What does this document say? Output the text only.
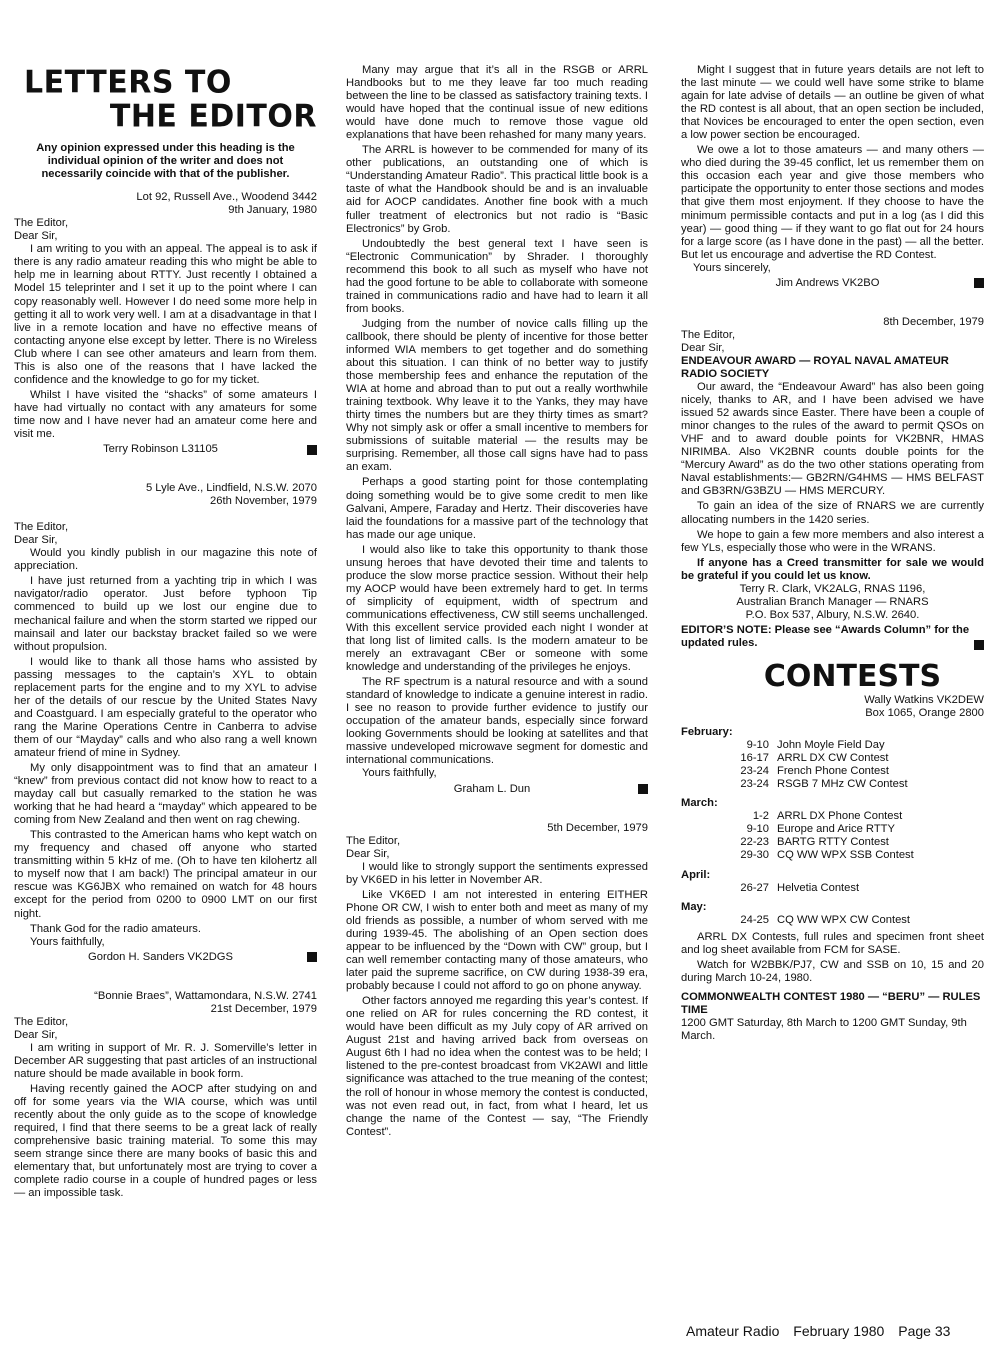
LETTERS TO
THE EDITOR
Any opinion expressed under this heading is the individual opinion of the writer and does not necessarily coincide with that of the publisher.
Lot 92, Russell Ave., Woodend 3442
9th January, 1980
The Editor,
Dear Sir,

I am writing to you with an appeal. The appeal is to ask if there is any radio amateur reading this who might be able to help me in learning about RTTY. Just recently I obtained a Model 15 teleprinter and I set it up to the point where I can copy reasonably well. However I do need some more help in getting it all to work very well. I am at a disadvantage in that I live in a remote location and have no effective means of contacting anyone else except by letter. There is no Wireless Club where I can see other amateurs and learn from them. This is also one of the reasons that I have lacked the confidence and the knowledge to go for my ticket.

Whilst I have visited the “shacks” of some amateurs I have had virtually no contact with any amateurs for some time now and I have never had an amateur come here and visit me.

Terry Robinson L31105
5 Lyle Ave., Lindfield, N.S.W. 2070
26th November, 1979
The Editor,
Dear Sir,

Would you kindly publish in our magazine this note of appreciation.

I have just returned from a yachting trip in which I was navigator/radio operator. Just before typhoon Tip commenced to build up we lost our engine due to mechanical failure and when the storm started we ripped our mainsail and later our backstay bracket failed so we were without propulsion.

I would like to thank all those hams who assisted by passing messages to the captain’s XYL to obtain replacement parts for the engine and to my XYL to advise her of the details of our rescue by the United States Navy and Coastguard. I am especially grateful to the operator who rang the Marine Operations Centre in Canberra to advise them of our “Mayday” calls and who also rang a well known amateur friend of mine in Sydney.

My only disappointment was to find that an amateur I “knew” from previous contact did not know how to react to a mayday call but casually remarked to the station he was working that he had heard a “mayday” which appeared to be coming from New Zealand and then went on rag chewing.

This contrasted to the American hams who kept watch on my frequency and chased off anyone who started transmitting within 5 kHz of me. (Oh to have ten kilohertz all to myself now that I am back!) The principal amateur in our rescue was KG6JBX who remained on watch for 48 hours except for the period from 0200 to 0900 LMT on our first night.

Thank God for the radio amateurs.

Yours faithfully,
Gordon H. Sanders VK2DGS
“Bonnie Braes”, Wattamondara, N.S.W. 2741
21st December, 1979
The Editor,
Dear Sir,

I am writing in support of Mr. R. J. Somerville’s letter in December AR suggesting that past articles of an instructional nature should be made available in book form.

Having recently gained the AOCP after studying on and off for some years via the WIA course, which was until recently about the only guide as to the scope of knowledge required, I find that there seems to be a great lack of really comprehensive basic training material. To some this may seem strange since there are many books of basic this and elementary that, but unfortunately most are trying to cover a complete radio course in a couple of hundred pages or less — an impossible task.

Many may argue that it’s all in the RSGB or ARRL Handbooks but to me they leave far too much reading between the line to be classed as satisfactory training texts. I would have hoped that the continual issue of new editions would have done much to remove those vague old explanations that have been rehashed for many many years.

The ARRL is however to be commended for many of its other publications, an outstanding one of which is “Understanding Amateur Radio”. This practical little book is a taste of what the Handbook should be and is an invaluable aid for AOCP candidates. Another fine book with a much fuller treatment of electronics but not radio is “Basic Electronics” by Grob.

Undoubtedly the best general text I have seen is “Electronic Communication” by Shrader. I thoroughly recommend this book to all such as myself who have not had the good fortune to be able to collaborate with someone trained in communications radio and have had to learn it all from books.

Judging from the number of novice calls filling up the callbook, there should be plenty of incentive for those better informed WIA members to get together and do something about this situation. I can think of no better way to justify those membership fees and enhance the reputation of the WIA at home and abroad than to put out a really worthwhile training textbook. Why leave it to the Yanks, they may have thirty times the numbers but are they thirty times as smart? Why not simply ask or offer a small incentive to members for submissions of suitable material — the results may be surprising. Remember, all those call signs have had to pass an exam.

Perhaps a good starting point for those contemplating doing something would be to give some credit to men like Galvani, Ampere, Faraday and Hertz. Their discoveries have laid the foundations for a massive part of the technology that has made our age unique.

I would also like to take this opportunity to thank those unsung heroes that have devoted their time and talents to produce the slow morse practice session. Without their help my AOCP would have been extremely hard to get. In terms of simplicity of equipment, width of spectrum and communications effectiveness, CW still seems unchallenged. With this excellent service provided each night I wonder at that long list of limited calls. Is the modern amateur to be merely an extravagant CBer or someone with some knowledge and understanding of the privileges he enjoys.

The RF spectrum is a natural resource and with a sound standard of knowledge to indicate a genuine interest in radio. I see no reason to provide further evidence to justify our occupation of the amateur bands, especially since forward looking Governments should be looking at satellites and that massive undeveloped microwave segment for domestic and international communications.

Yours faithfully,
Graham L. Dun
5th December, 1979
The Editor,
Dear Sir,

I would like to strongly support the sentiments expressed by VK6ED in his letter in November AR.

Like VK6ED I am not interested in entering EITHER Phone OR CW, I wish to enter both and meet as many of my old friends as possible, a number of whom served with me during 1939-45. The abolishing of an Open section does appear to be influenced by the “Down with CW” group, but I can well remember contacting many of those amateurs, who later paid the supreme sacrifice, on CW during 1938-39 era, probably because I could not afford to go on phone anyway.

Other factors annoyed me regarding this year’s contest. If one relied on AR for rules concerning the RD contest, it would have been difficult as my July copy of AR arrived on August 21st and having arrived back from overseas on August 6th I had no idea when the contest was to be held; I listened to the pre-contest broadcast from VK2AWI and little significance was attached to the true meaning of the contest; the roll of honour in whose memory the contest is conducted, was not even read out, in fact, from what I heard, let us change the name of the Contest — say, “The Friendly Contest”.

Might I suggest that in future years details are not left to the last minute — we could well have some strike to blame again for late advise of details — an outline be given of what the RD contest is all about, that an open section be included, that Novices be encouraged to enter the open section, even a low power section be encouraged.

We owe a lot to those amateurs — and many others — who died during the 39-45 conflict, let us remember them on this occasion each year and give those members who participate the opportunity to enter those sections and modes that give them most enjoyment. If they choose to have the minimum permissible contacts and put in a log (as I did this year) — good thing — if they want to go flat out for 24 hours for a large score (as I have done in the past) — all the better. But let us encourage and advertise the RD Contest.

Yours sincerely,
Jim Andrews VK2BO
8th December, 1979
The Editor,
Dear Sir,
ENDEAVOUR AWARD — ROYAL NAVAL AMATEUR RADIO SOCIETY

Our award, the “Endeavour Award” has also been going nicely, thanks to AR, and I have been advised we have issued 52 awards since Easter. There have been a couple of minor changes to the rules of the award to permit QSOs on VHF and to award double points for VK2BNR, HMAS NIRIMBA. Also VK2BNR counts double points for the “Mercury Award” as do the two other stations operating from Naval establishments:— GB2RN/G4HMS — HMS BELFAST and GB3RN/G3BZU — HMS MERCURY.

To gain an idea of the size of RNARS we are currently allocating numbers in the 1420 series.

We hope to gain a few more members and also interest a few YLs, especially those who were in the WRANS.

If anyone has a Creed transmitter for sale we would be grateful if you could let us know.

Terry R. Clark, VK2ALG, RNAS 1196,
Australian Branch Manager — RNARS
P.O. Box 537, Albury, N.S.W. 2640.
EDITOR’S NOTE: Please see “Awards Column” for the updated rules.
CONTESTS
Wally Watkins VK2DEW
Box 1065, Orange 2800
February:
9-10 John Moyle Field Day
16-17 ARRL DX CW Contest
23-24 French Phone Contest
23-24 RSGB 7 MHz CW Contest
March:
1-2 ARRL DX Phone Contest
9-10 Europe and Arice RTTY
22-23 BARTG RTTY Contest
29-30 CQ WW WPX SSB Contest
April:
26-27 Helvetia Contest
May:
24-25 CQ WW WPX CW Contest

ARRL DX Contests, full rules and specimen front sheet and log sheet available from FCM for SASE.

Watch for W2BBK/PJ7, CW and SSB on 10, 15 and 20 during March 10-24, 1980.

COMMONWEALTH CONTEST 1980 — “BERU” — RULES
TIME
1200 GMT Saturday, 8th March to 1200 GMT Sunday, 9th March.
Amateur Radio February 1980 Page 33
